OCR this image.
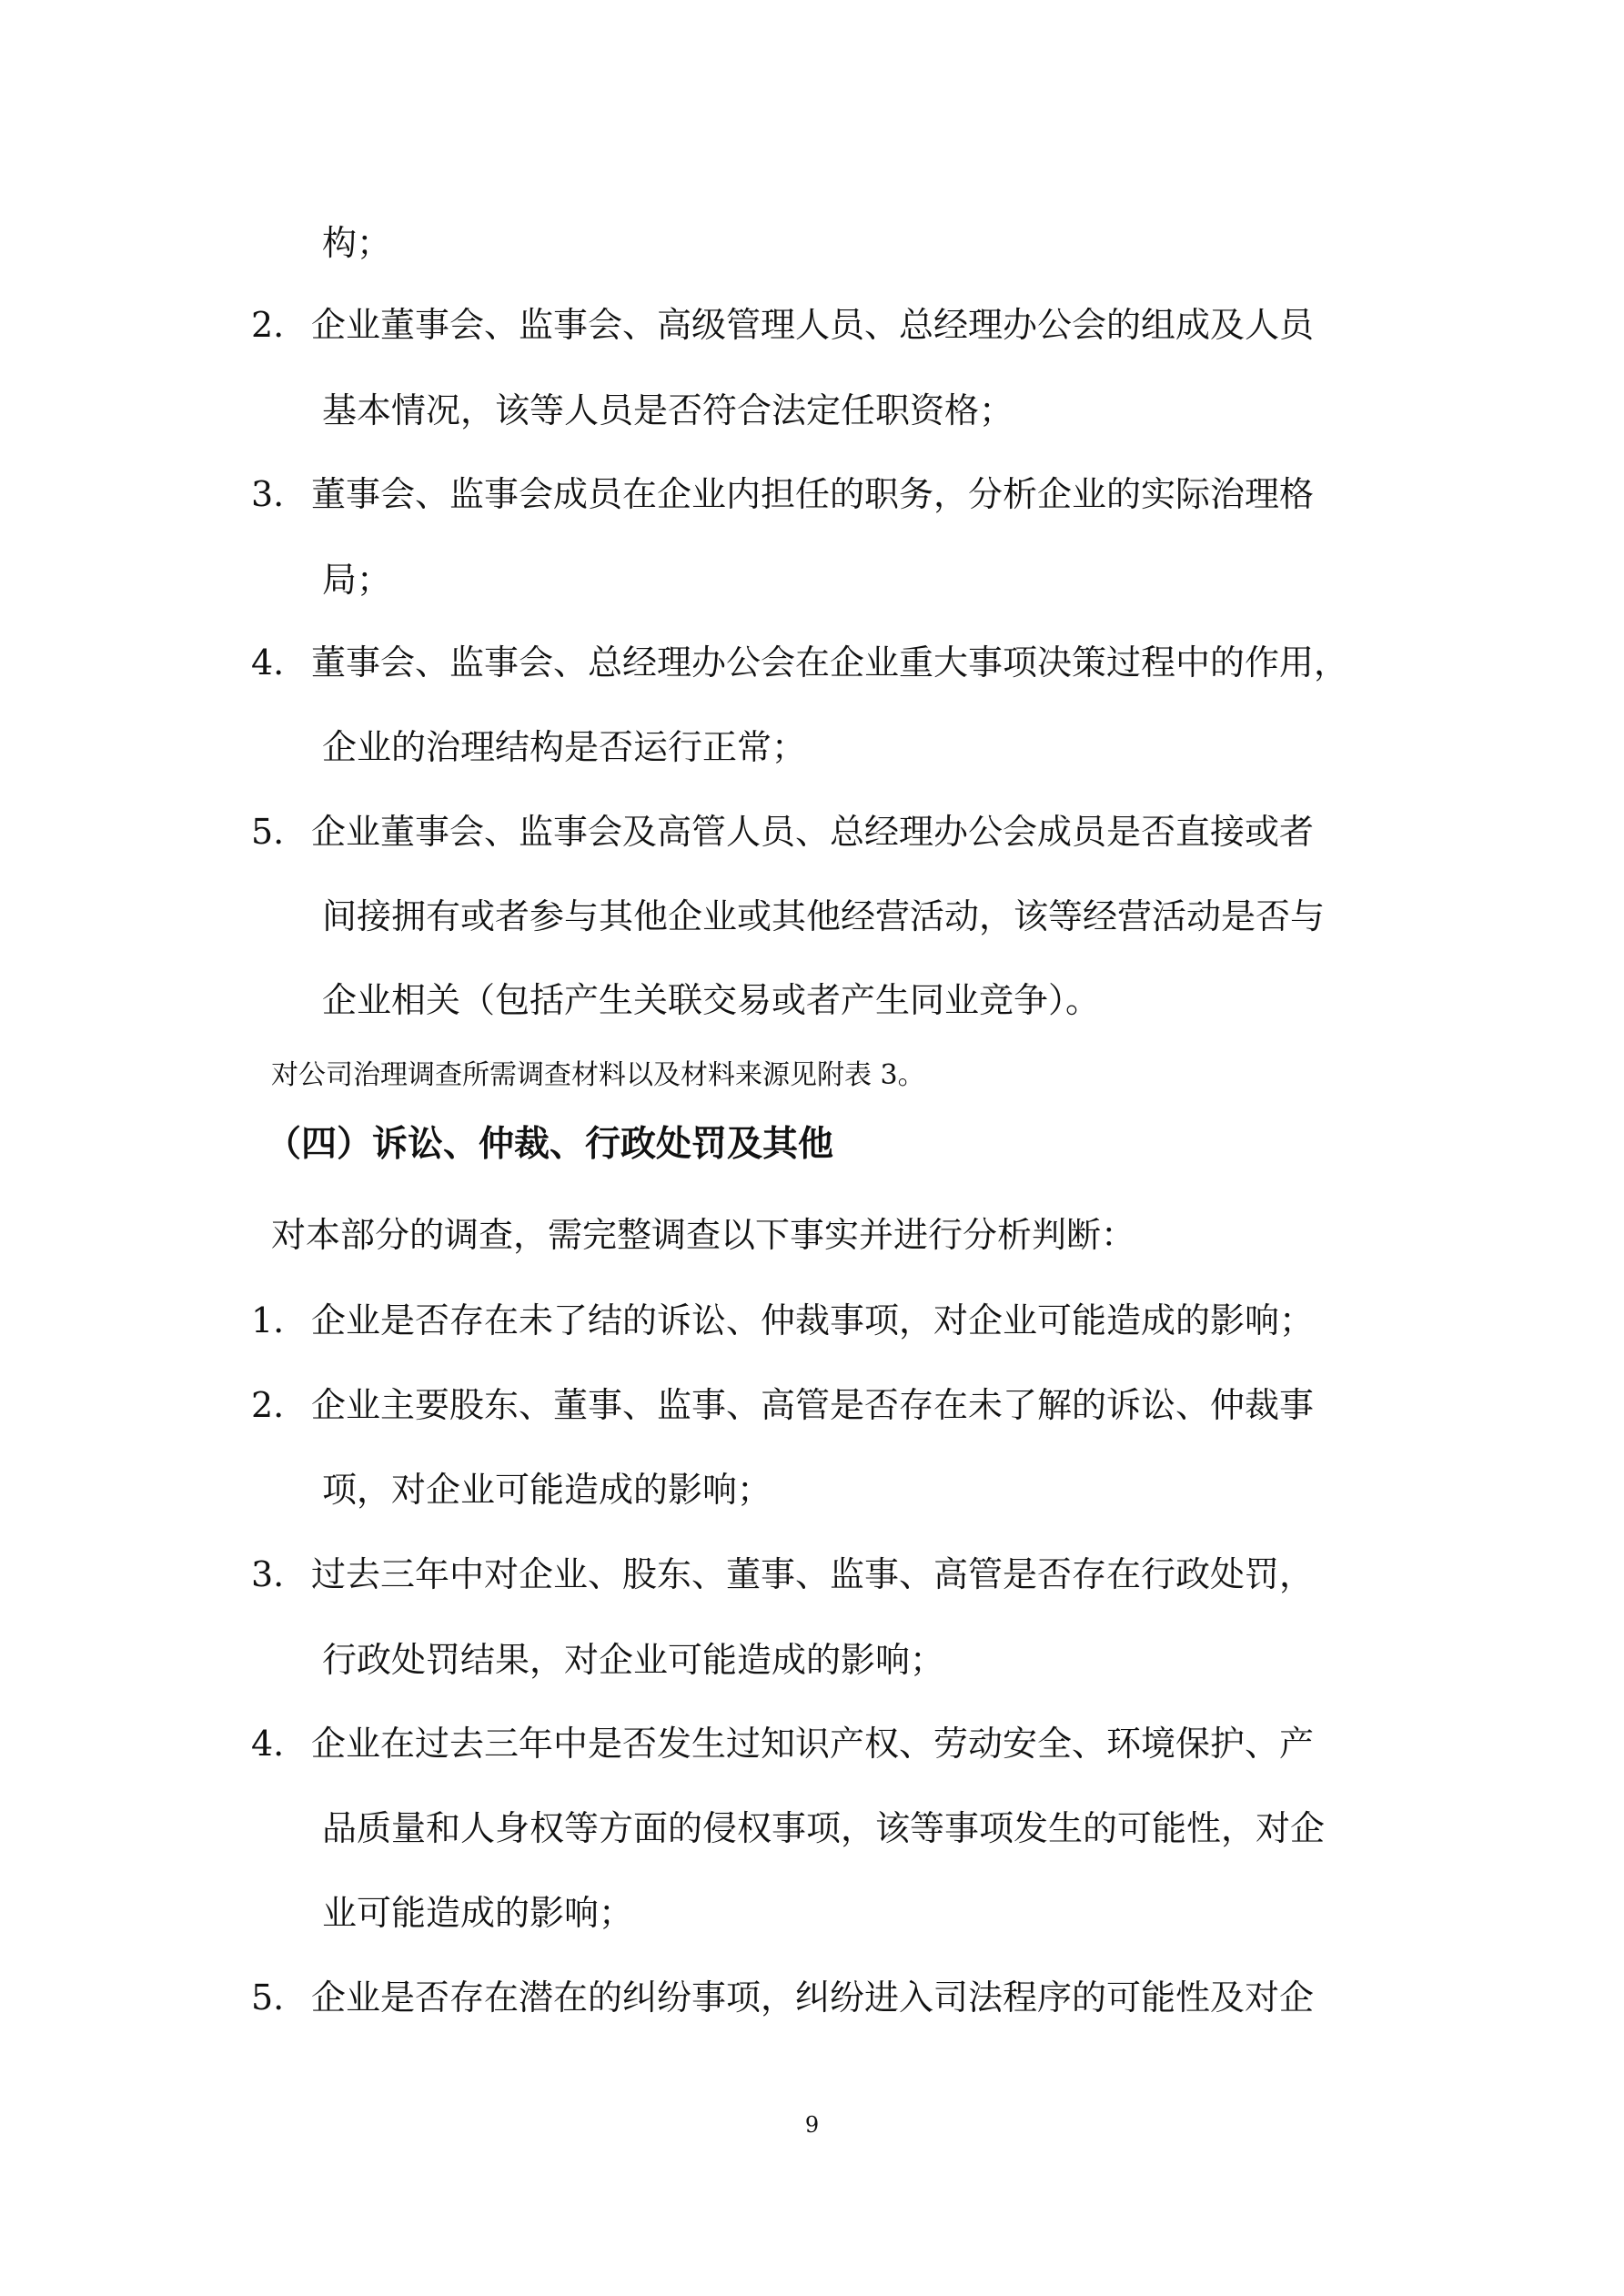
构；
2. 企业董事会、监事会、高级管理人员、总经理办公会的组成及人员
基本情况，该等人员是否符合法定任职资格；
3. 董事会、监事会成员在企业内担任的职务，分析企业的实际治理格
局；
4. 董事会、监事会、总经理办公会在企业重大事项决策过程中的作用，
企业的治理结构是否运行正常；
5. 企业董事会、监事会及高管人员、总经理办公会成员是否直接或者
间接拥有或者参与其他企业或其他经营活动，该等经营活动是否与
企业相关（包括产生关联交易或者产生同业竞争）。
对公司治理调查所需调查材料以及材料来源见附表 3。
（四）诉讼、仲裁、行政处罚及其他
对本部分的调查，需完整调查以下事实并进行分析判断：
1. 企业是否存在未了结的诉讼、仲裁事项，对企业可能造成的影响；
2. 企业主要股东、董事、监事、高管是否存在未了解的诉讼、仲裁事
项，对企业可能造成的影响；
3. 过去三年中对企业、股东、董事、监事、高管是否存在行政处罚，
行政处罚结果，对企业可能造成的影响；
4. 企业在过去三年中是否发生过知识产权、劳动安全、环境保护、产
品质量和人身权等方面的侵权事项，该等事项发生的可能性，对企
业可能造成的影响；
5. 企业是否存在潜在的纠纷事项，纠纷进入司法程序的可能性及对企
9
